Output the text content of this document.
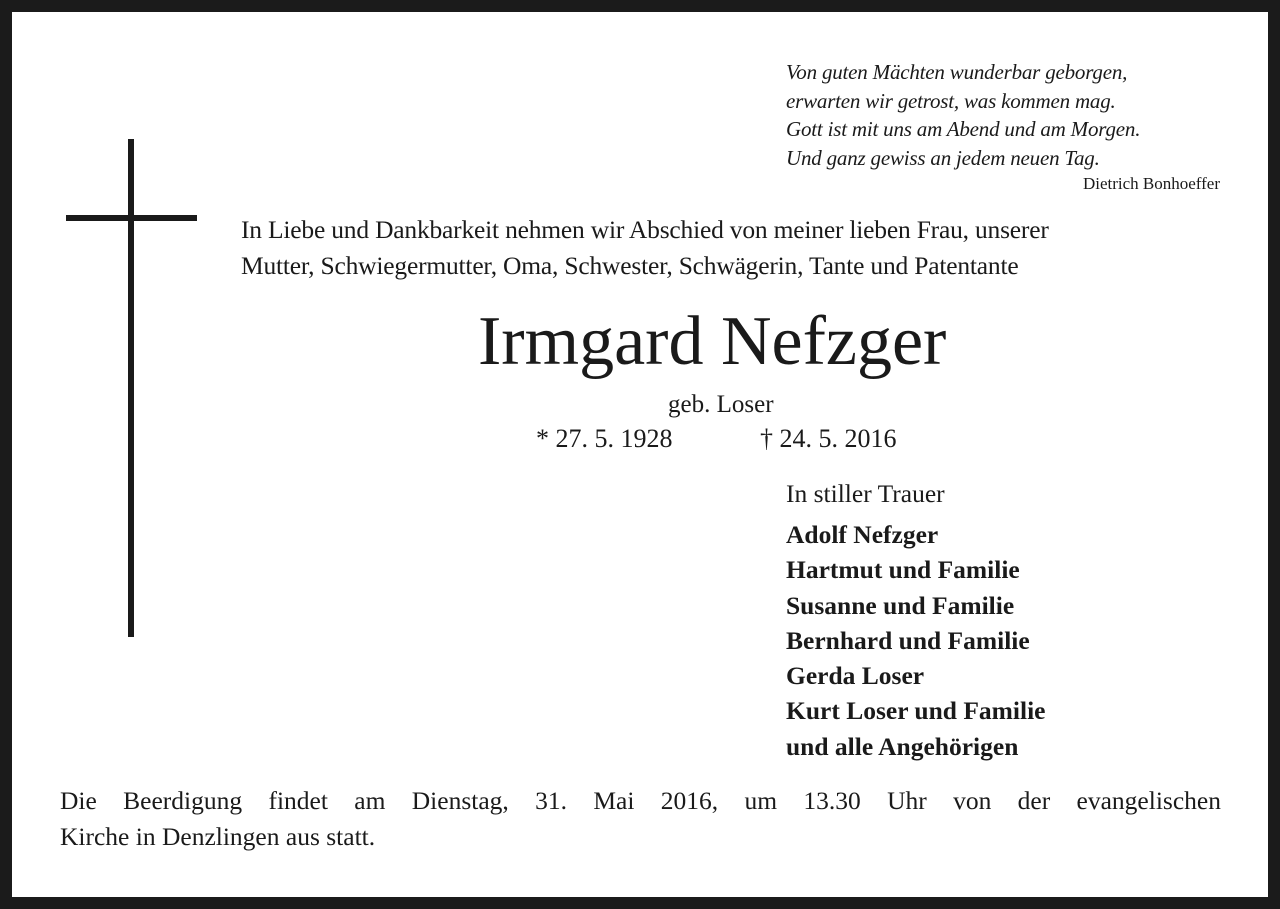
Von guten Mächten wunderbar geborgen,
erwarten wir getrost, was kommen mag.
Gott ist mit uns am Abend und am Morgen.
Und ganz gewiss an jedem neuen Tag.
Dietrich Bonhoeffer
In Liebe und Dankbarkeit nehmen wir Abschied von meiner lieben Frau, unserer
Mutter, Schwiegermutter, Oma, Schwester, Schwägerin, Tante und Patentante
Irmgard Nefzger
geb. Loser
* 27. 5. 1928	† 24. 5. 2016
In stiller Trauer
Adolf Nefzger
Hartmut und Familie
Susanne und Familie
Bernhard und Familie
Gerda Loser
Kurt Loser und Familie
und alle Angehörigen
Die Beerdigung findet am Dienstag, 31. Mai 2016, um 13.30 Uhr von der evangelischen
Kirche in Denzlingen aus statt.
